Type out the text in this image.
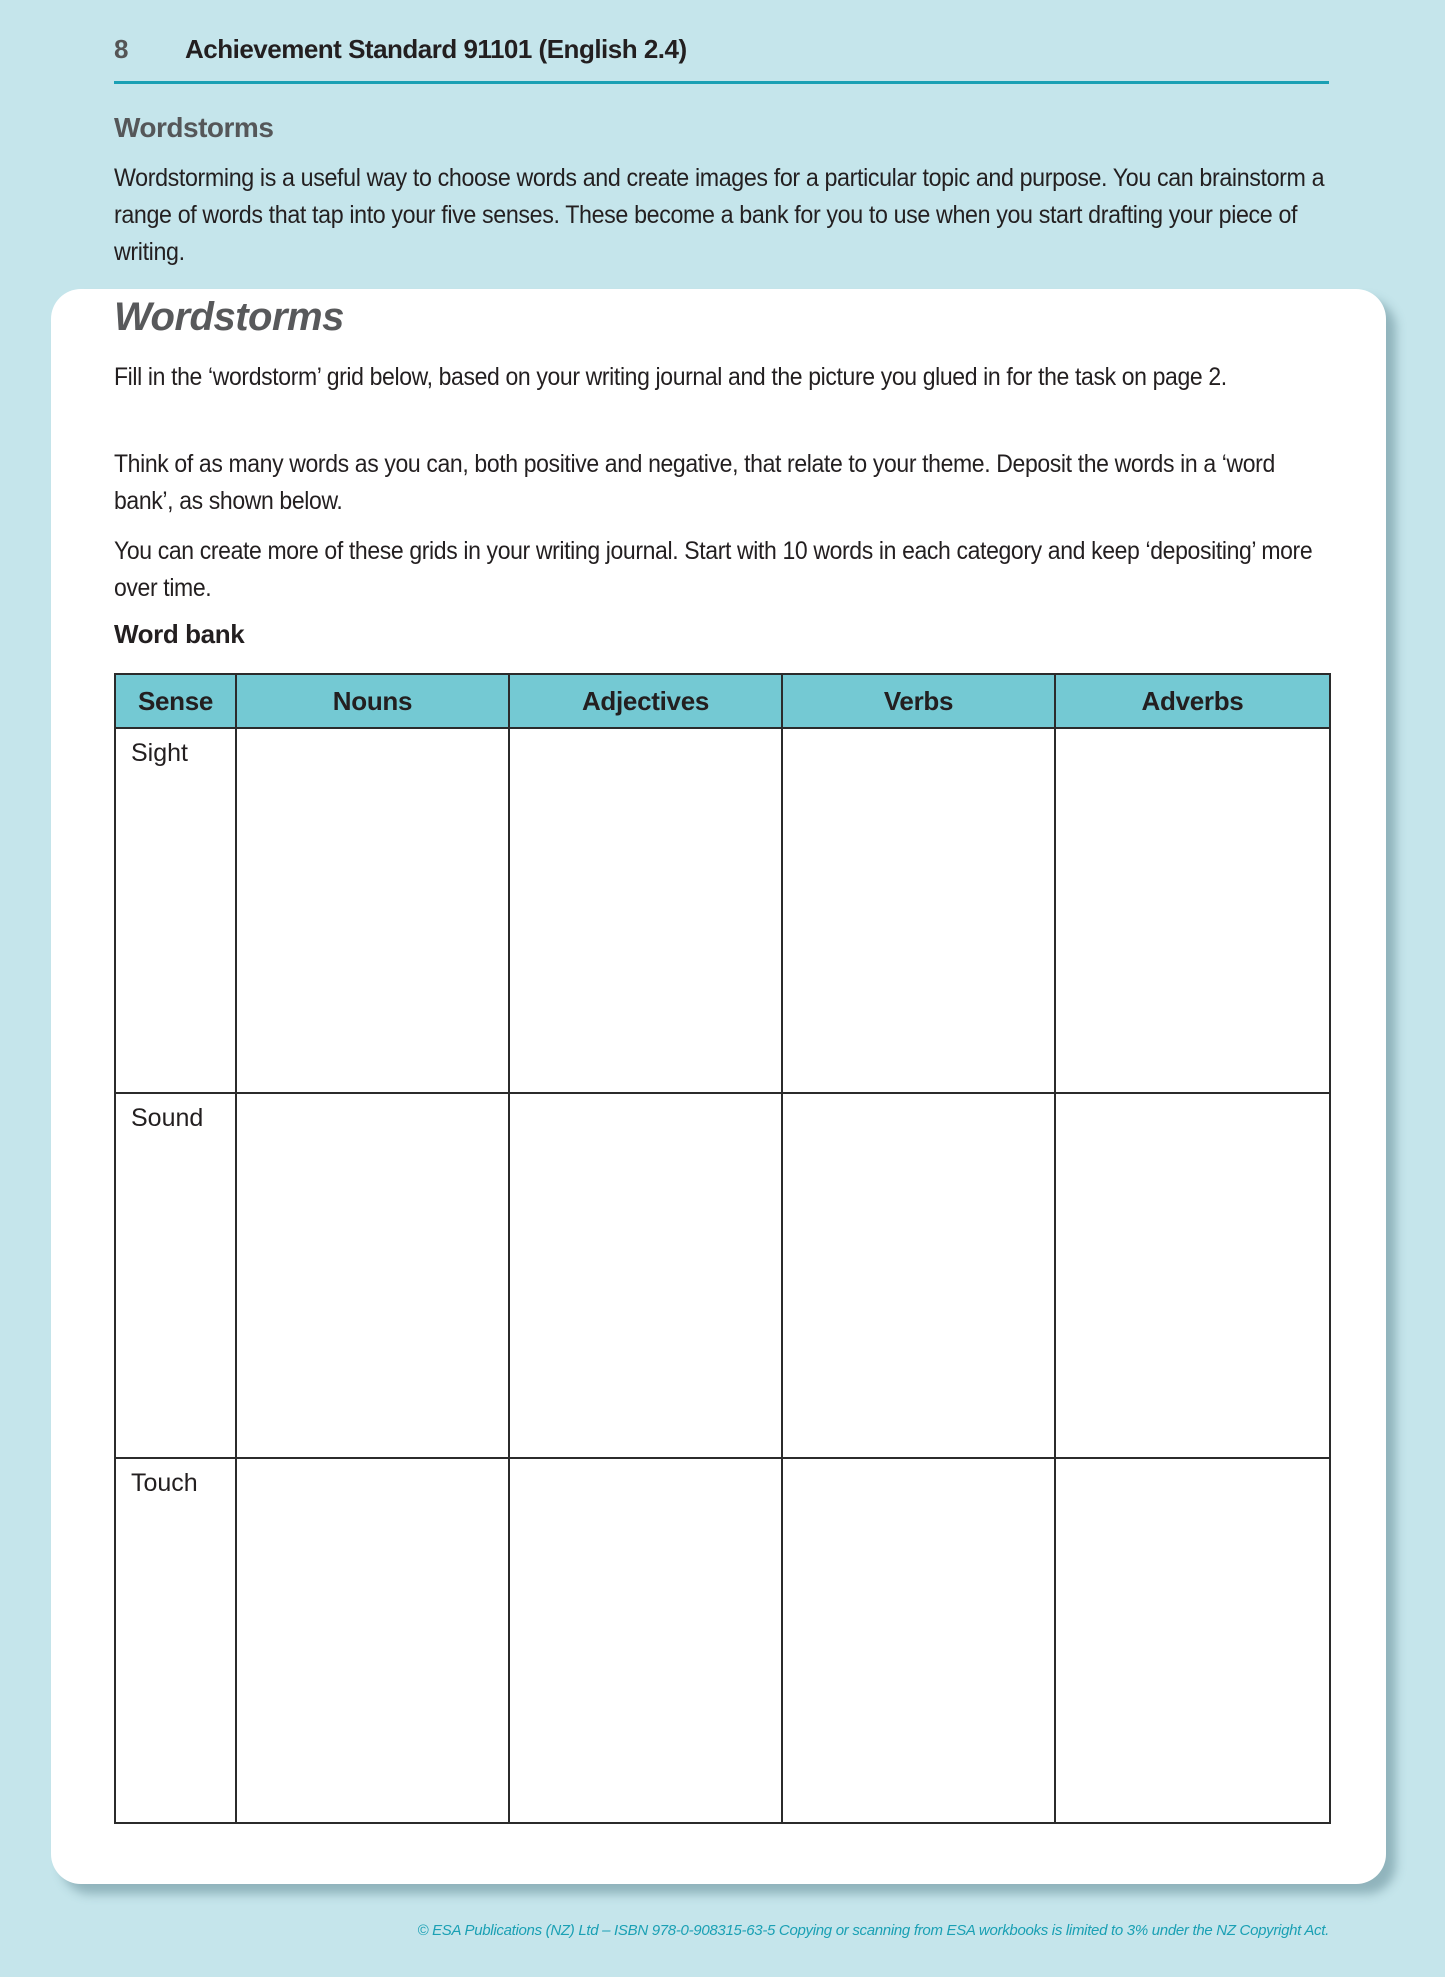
8 Achievement Standard 91101 (English 2.4)
Wordstorms
Wordstorming is a useful way to choose words and create images for a particular topic and purpose. You can brainstorm a range of words that tap into your five senses. These become a bank for you to use when you start drafting your piece of writing.
Wordstorms
Fill in the ‘wordstorm’ grid below, based on your writing journal and the picture you glued in for the task on page 2.
Think of as many words as you can, both positive and negative, that relate to your theme. Deposit the words in a ‘word bank’, as shown below.
You can create more of these grids in your writing journal. Start with 10 words in each category and keep ‘depositing’ more over time.
Word bank
Sense	Nouns	Adjectives	Verbs	Adverbs
Sight				
Sound				
Touch				
© ESA Publications (NZ) Ltd – ISBN 978-0-908315-63-5 Copying or scanning from ESA workbooks is limited to 3% under the NZ Copyright Act.
